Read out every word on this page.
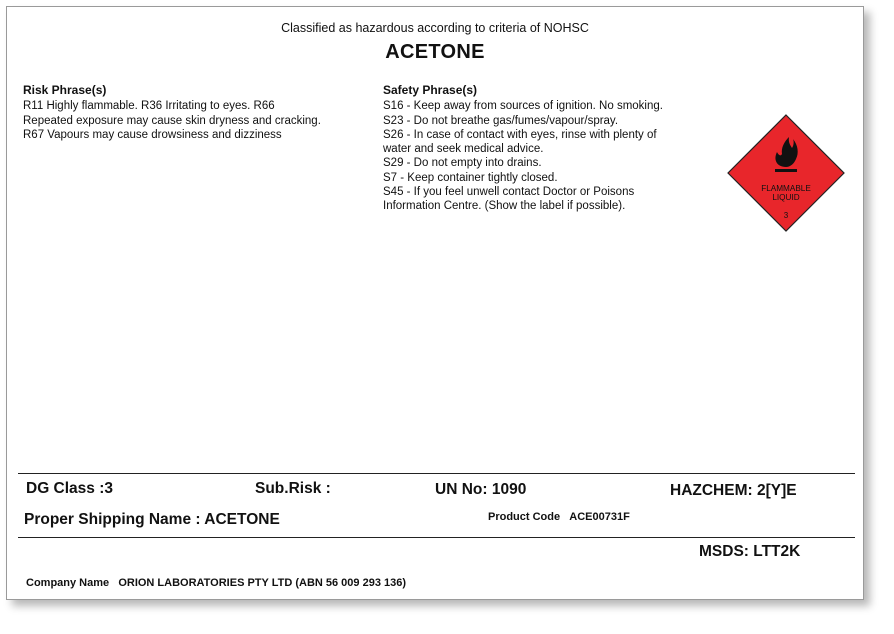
Classified as hazardous according to criteria of NOHSC
ACETONE
Risk Phrase(s)
R11 Highly flammable. R36 Irritating to eyes. R66
Repeated exposure may cause skin dryness and cracking.
R67 Vapours may cause drowsiness and dizziness
Safety Phrase(s)
S16 - Keep away from sources of ignition. No smoking.
S23 - Do not breathe gas/fumes/vapour/spray.
S26 - In case of contact with eyes, rinse with plenty of
water and seek medical advice.
S29 - Do not empty into drains.
S7 - Keep container tightly closed.
S45 - If you feel unwell contact Doctor or Poisons
Information Centre. (Show the label if possible).
FLAMMABLE
LIQUID
3
DG Class :3	Sub.Risk :	UN No: 1090	HAZCHEM: 2[Y]E
Proper Shipping Name : ACETONE	Product Code ACE00731F
MSDS: LTT2K
Company Name ORION LABORATORIES PTY LTD (ABN 56 009 293 136)
